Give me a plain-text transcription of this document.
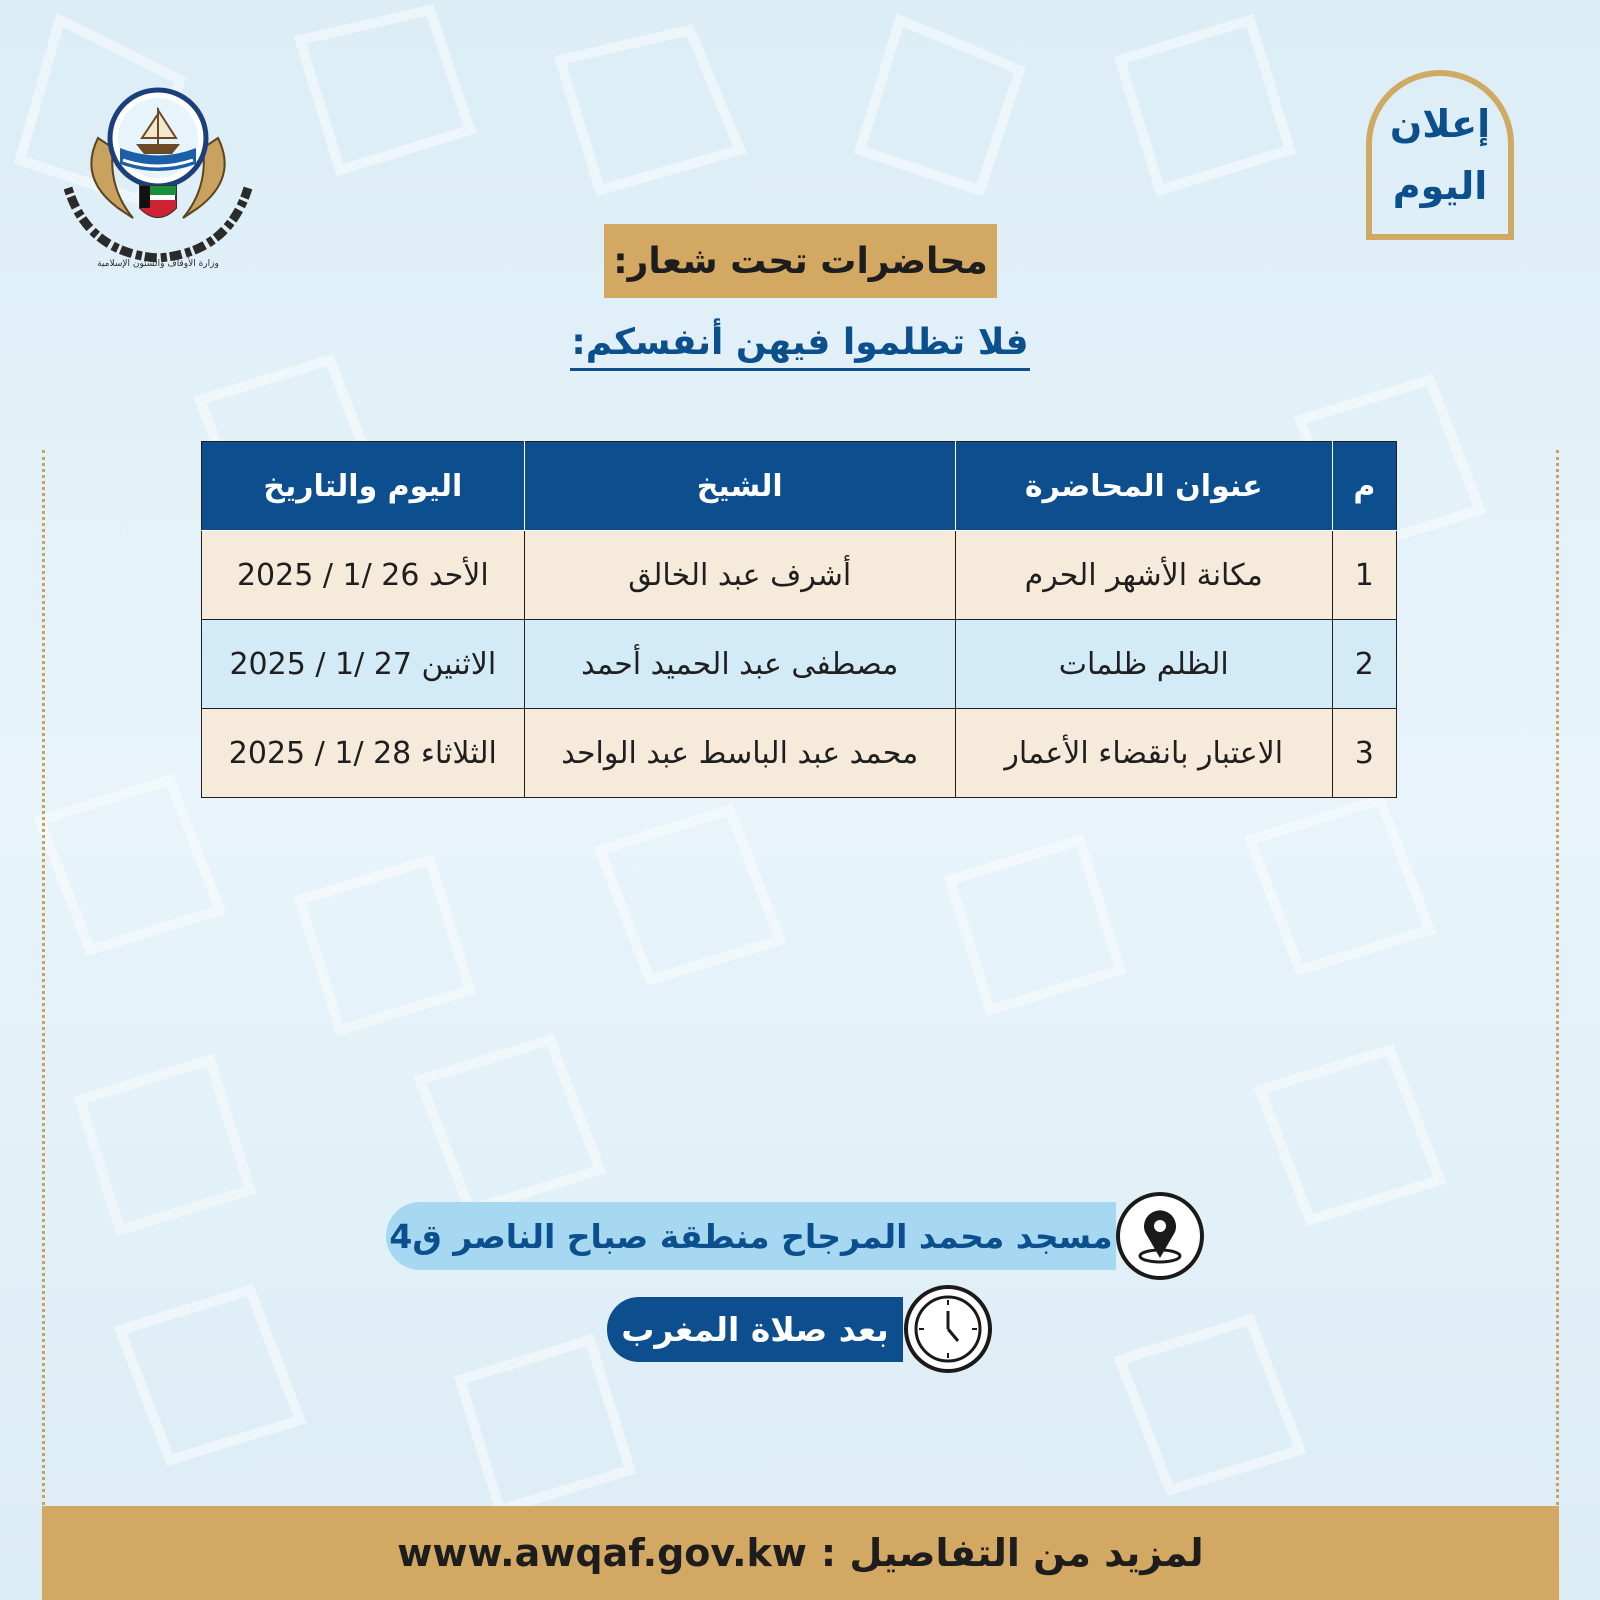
وزارة الأوقاف والشئون الإسلامية
إعلان
اليوم
محاضرات تحت شعار:
فلا تظلموا فيهن أنفسكم:
م	عنوان المحاضرة	الشيخ	اليوم والتاريخ
1	مكانة الأشهر الحرم	أشرف عبد الخالق	الأحد 26 /1 / 2025
2	الظلم ظلمات	مصطفى عبد الحميد أحمد	الاثنين 27 /1 / 2025
3	الاعتبار بانقضاء الأعمار	محمد عبد الباسط عبد الواحد	الثلاثاء 28 /1 / 2025
مسجد محمد المرجاح منطقة صباح الناصر ق4
بعد صلاة المغرب
www.awqaf.gov.kw لمزيد من التفاصيل :
